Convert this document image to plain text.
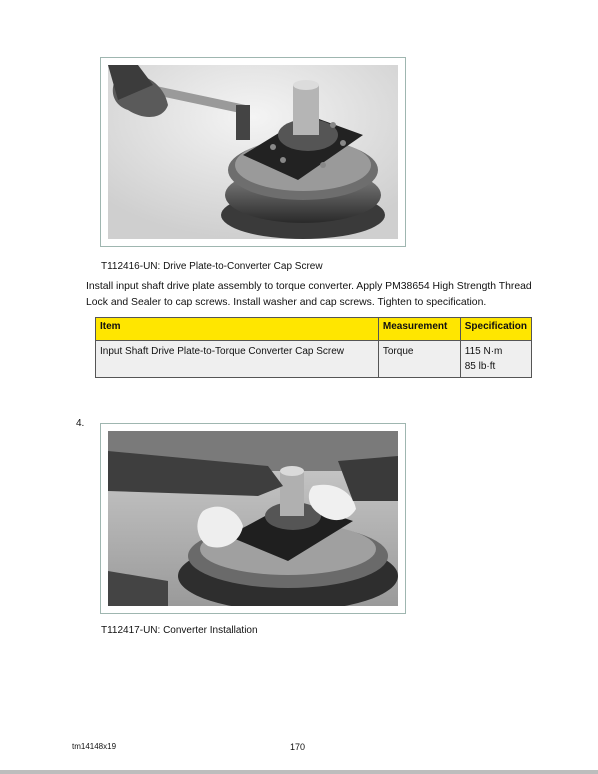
T112416-UN: Drive Plate-to-Converter Cap Screw
Install input shaft drive plate assembly to torque converter. Apply PM38654 High Strength Thread Lock and Sealer to cap screws. Install washer and cap screws. Tighten to specification.
Item	Measurement	Specification
Input Shaft Drive Plate-to-Torque Converter Cap Screw	Torque	115 N·m
85 lb·ft
4.
T112417-UN: Converter Installation
tm14148x19	170
